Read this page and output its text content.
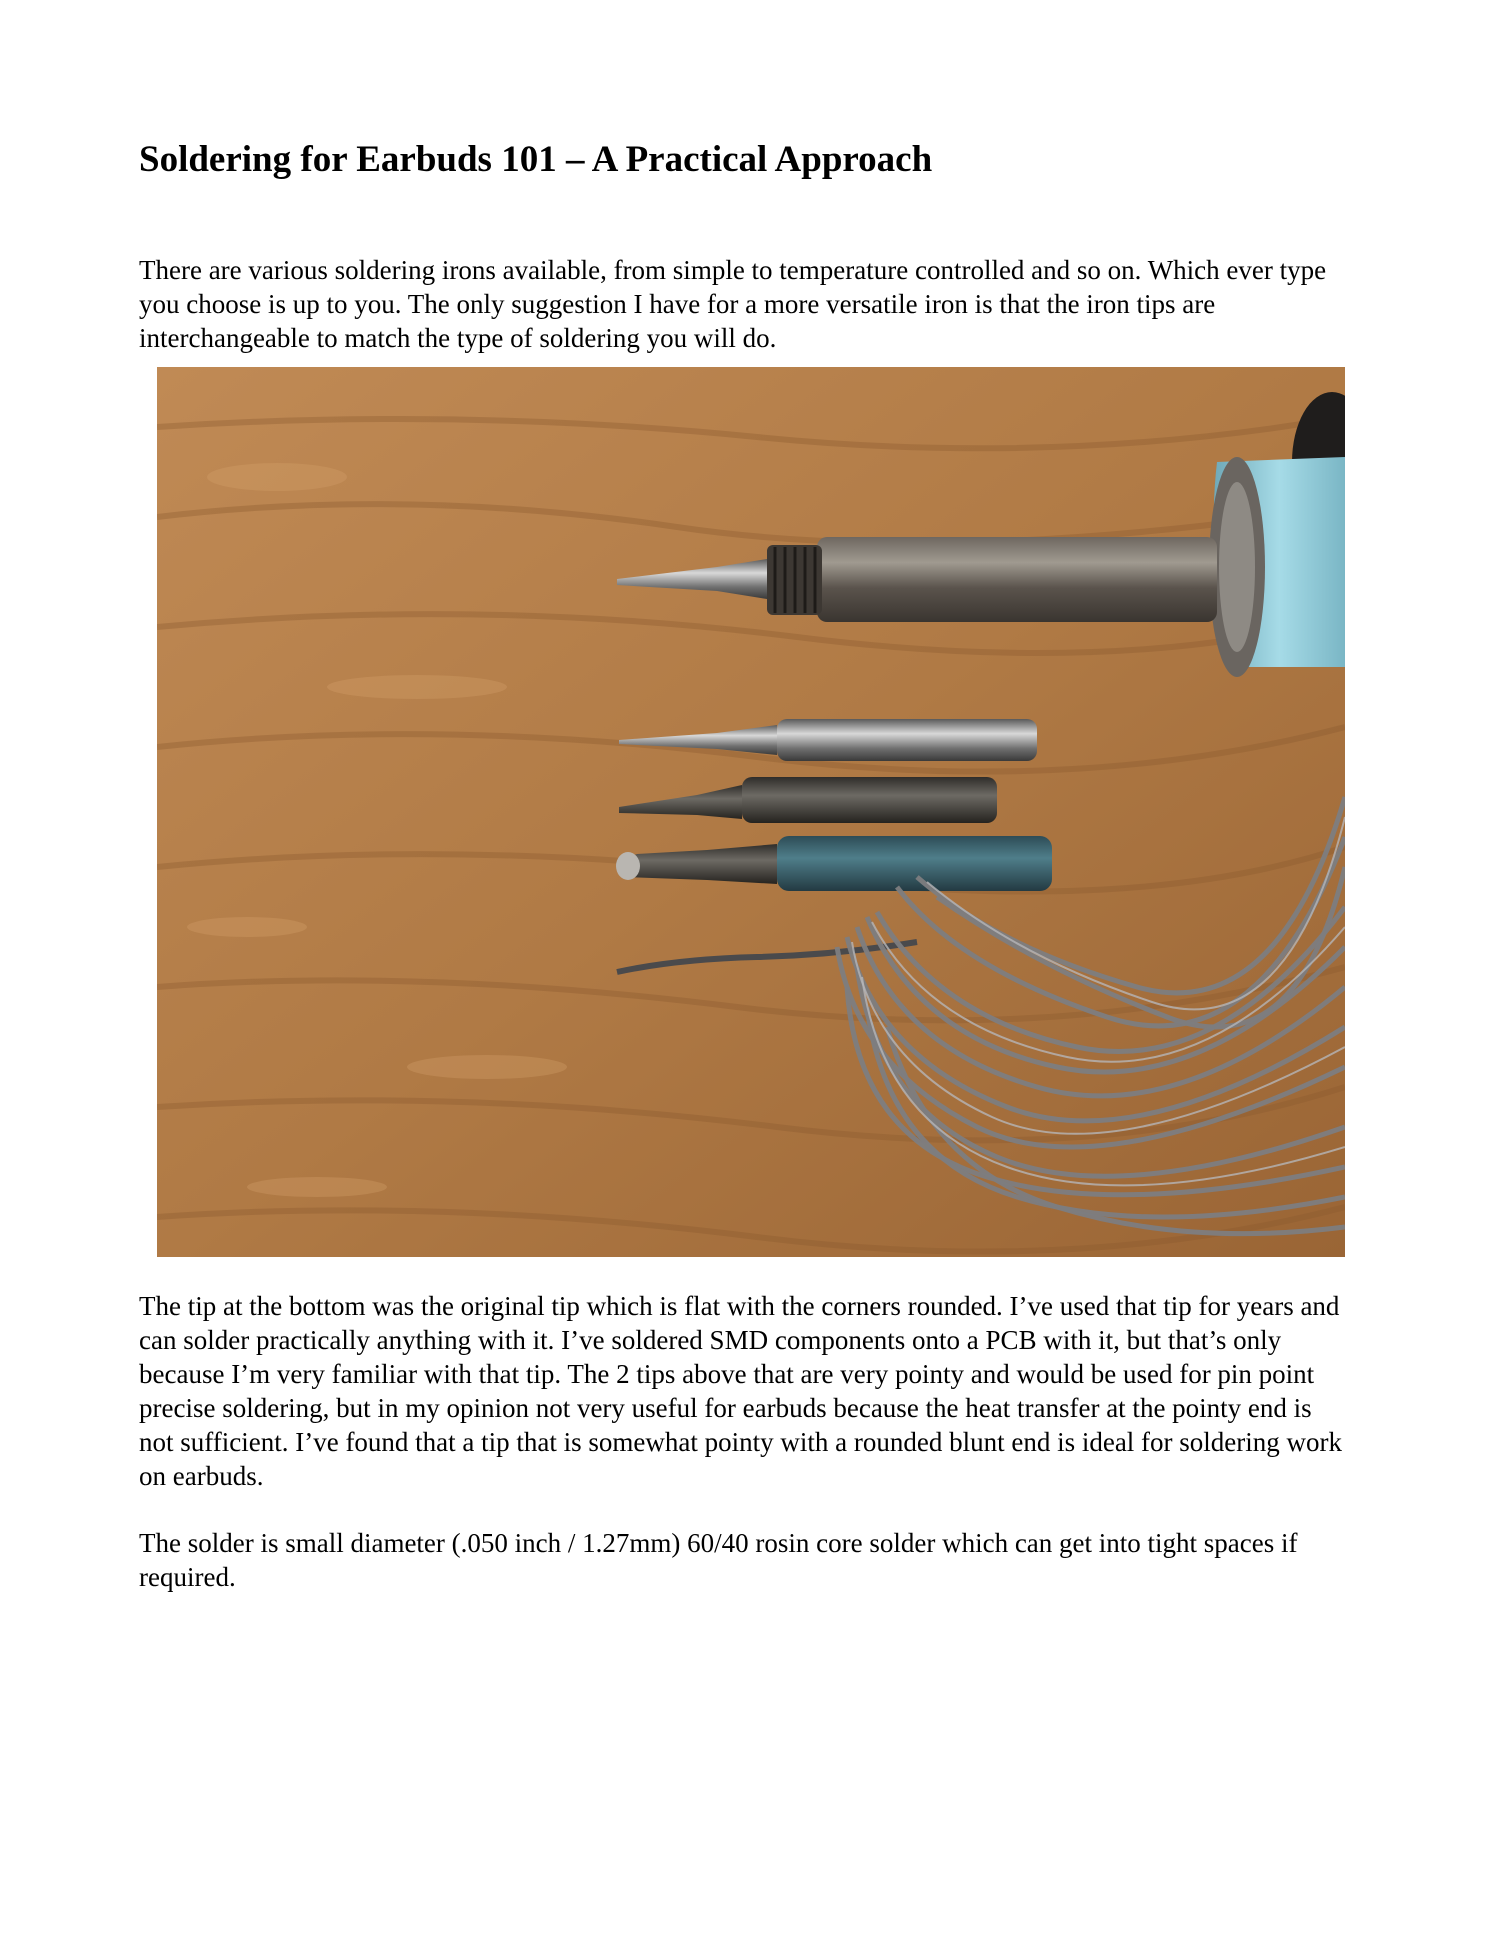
Soldering for Earbuds 101 – A Practical Approach

There are various soldering irons available, from simple to temperature controlled and so on. Which ever type you choose is up to you. The only suggestion I have for a more versatile iron is that the iron tips are interchangeable to match the type of soldering you will do.

The tip at the bottom was the original tip which is flat with the corners rounded. I’ve used that tip for years and can solder practically anything with it. I’ve soldered SMD components onto a PCB with it, but that’s only because I’m very familiar with that tip. The 2 tips above that are very pointy and would be used for pin point precise soldering, but in my opinion not very useful for earbuds because the heat transfer at the pointy end is not sufficient. I’ve found that a tip that is somewhat pointy with a rounded blunt end is ideal for soldering work on earbuds.

The solder is small diameter (.050 inch / 1.27mm) 60/40 rosin core solder which can get into tight spaces if required.
